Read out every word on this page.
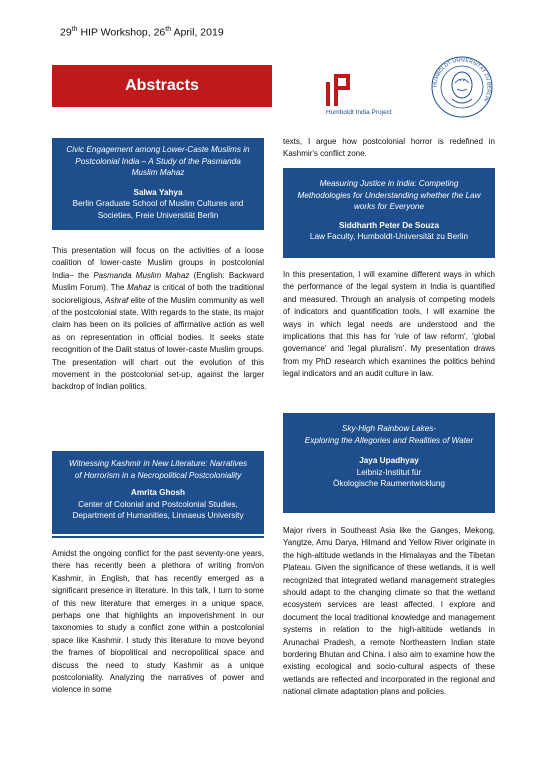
29th HIP Workshop, 26th April, 2019
Abstracts
Humboldt India Project
HUMBOLDT-UNIVERSITÄT ZU BERLIN
Civic Engagement among Lower-Caste Muslims in Postcolonial India – A Study of the Pasmanda Muslim Mahaz
Salwa Yahya
Berlin Graduate School of Muslim Cultures and Societies, Freie Universität Berlin

This presentation will focus on the activities of a loose coalition of lower-caste Muslim groups in postcolonial India– the Pasmanda Muslim Mahaz (English: Backward Muslim Forum). The Mahaz is critical of both the traditional socioreligious, Ashraf elite of the Muslim community as well of the postcolonial state. With regards to the state, its major claim has been on its policies of affirmative action as well as on representation in official bodies. It seeks state recognition of the Dalit status of lower-caste Muslim groups. The presentation will chart out the evolution of this movement in the postcolonial set-up, against the larger backdrop of Indian politics.

Witnessing Kashmir in New Literature: Narratives of Horrorism in a Necropolitical Postcoloniality
Amrita Ghosh
Center of Colonial and Postcolonial Studies, Department of Humanities, Linnaeus University

Amidst the ongoing conflict for the past seventy-one years, there has recently been a plethora of writing from/on Kashmir, in English, that has recently emerged as a significant presence in literature. In this talk, I turn to some of this new literature that emerges in a unique space, perhaps one that highlights an impoverishment in our taxonomies to study a conflict zone within a postcolonial space like Kashmir. I study this literature to move beyond the frames of biopolitical and necropolitical space and discuss the need to study Kashmir as a unique postcoloniality. Analyzing the narratives of power and violence in some

texts, I argue how postcolonial horror is redefined in Kashmir's conflict zone.

Measuring Justice in India: Competing Methodologies for Understanding whether the Law works for Everyone
Siddharth Peter De Souza
Law Faculty, Humboldt-Universität zu Berlin

In this presentation, I will examine different ways in which the performance of the legal system in India is quantified and measured. Through an analysis of competing models of indicators and quantification tools, I will examine the ways in which legal needs are understood and the implications that this has for 'rule of law reform', 'global governance' and 'legal pluralism'. My presentation draws from my PhD research which examines the politics behind legal indicators and an audit culture in law.

Sky-High Rainbow Lakes-
Exploring the Allegories and Realities of Water
Jaya Upadhyay
Leibniz-Institut für
Ökologische Raumentwicklung

Major rivers in Southeast Asia like the Ganges, Mekong, Yangtze, Amu Darya, Hilmand and Yellow River originate in the high-altitude wetlands in the Himalayas and the Tibetan Plateau. Given the significance of these wetlands, it is well recognized that integrated wetland management strategies should adapt to the changing climate so that the wetland ecosystem services are least affected. I explore and document the local traditional knowledge and management systems in relation to the high-altitude wetlands in Arunachal Pradesh, a remote Northeastern Indian state bordering Bhutan and China. I also aim to examine how the existing ecological and socio-cultural aspects of these wetlands are reflected and incorporated in the regional and national climate adaptation plans and policies.
